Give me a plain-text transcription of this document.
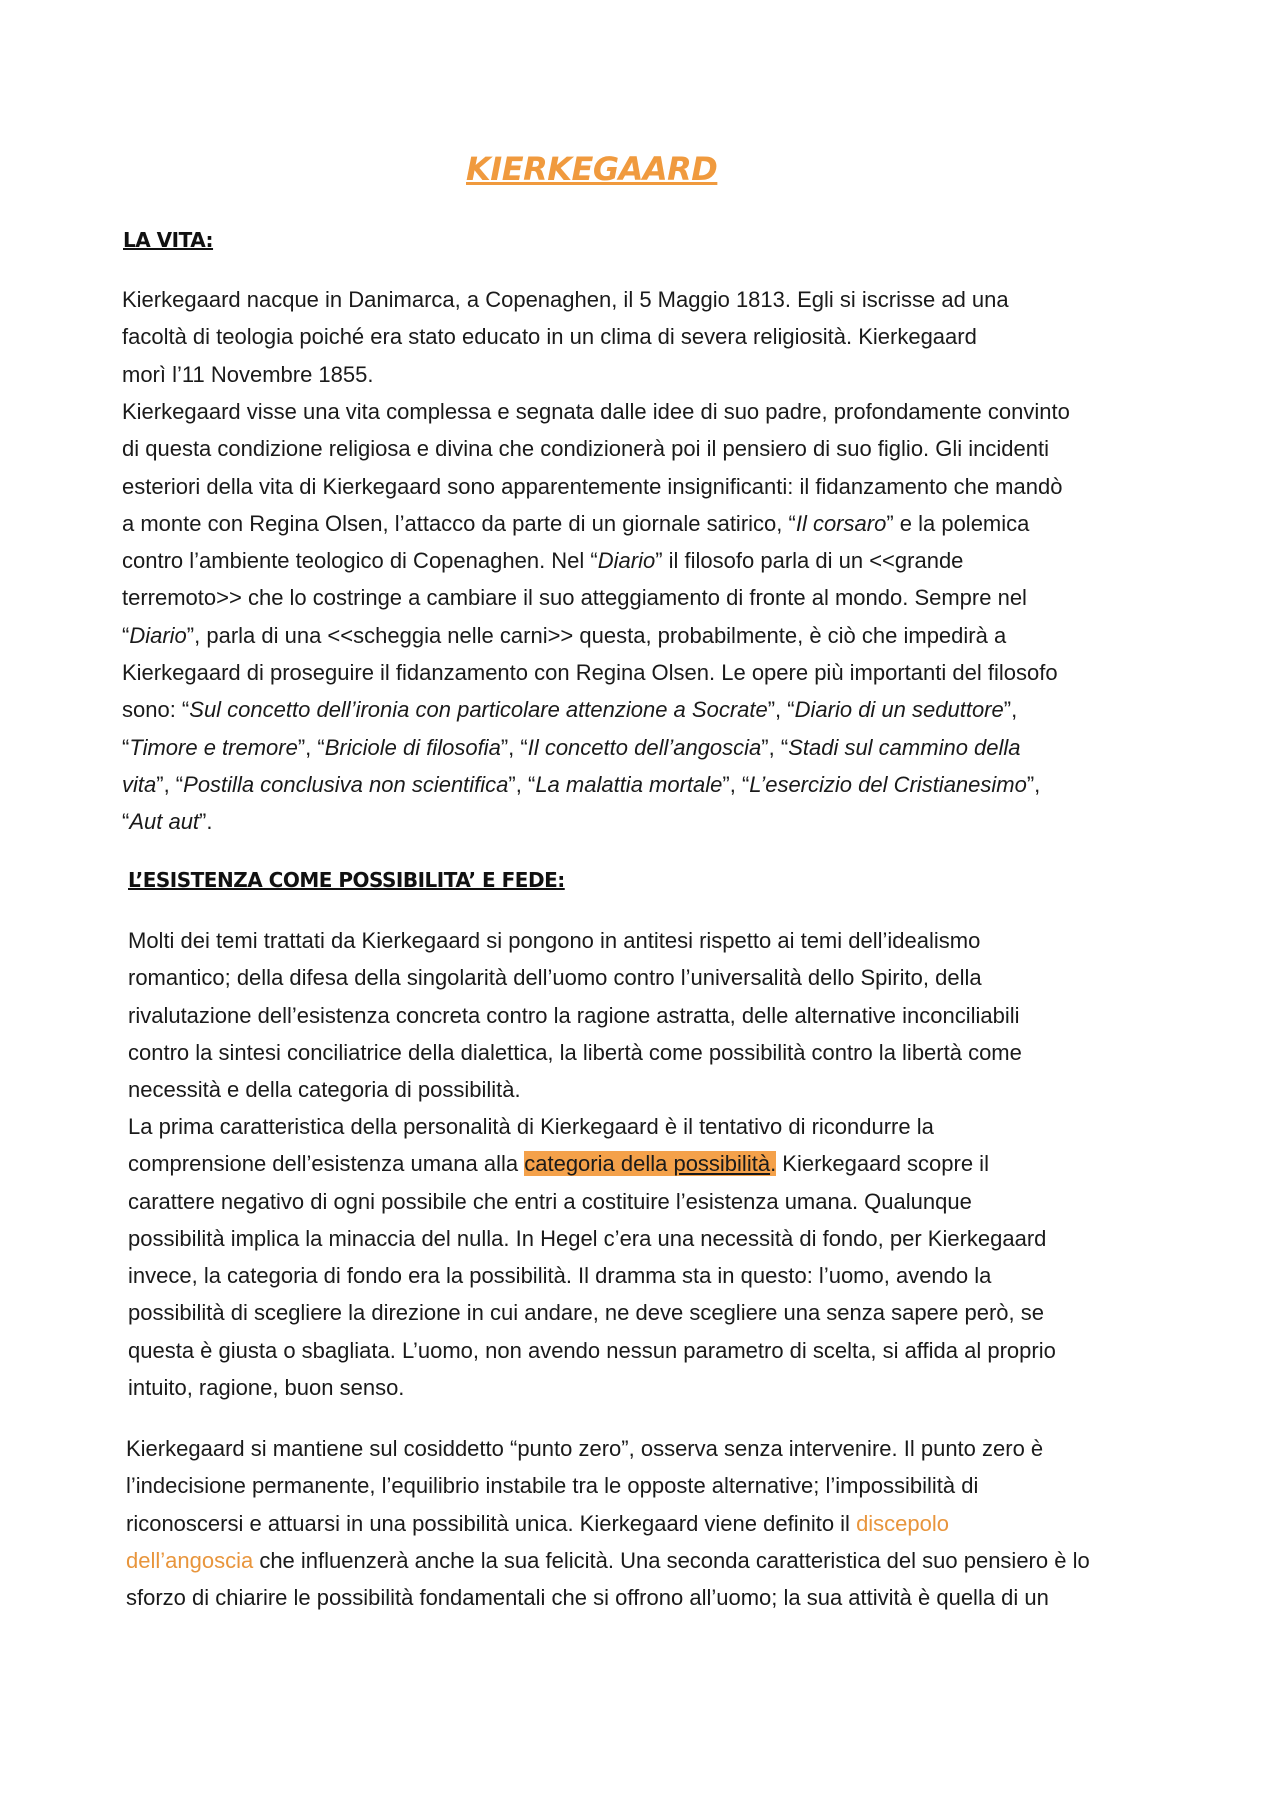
KIERKEGAARD
LA VITA:
Kierkegaard nacque in Danimarca, a Copenaghen, il 5 Maggio 1813. Egli si iscrisse ad una
facoltà di teologia poiché era stato educato in un clima di severa religiosità. Kierkegaard
morì l’11 Novembre 1855.
Kierkegaard visse una vita complessa e segnata dalle idee di suo padre, profondamente convinto
di questa condizione religiosa e divina che condizionerà poi il pensiero di suo figlio. Gli incidenti
esteriori della vita di Kierkegaard sono apparentemente insignificanti: il fidanzamento che mandò
a monte con Regina Olsen, l’attacco da parte di un giornale satirico, “Il corsaro” e la polemica
contro l’ambiente teologico di Copenaghen. Nel “Diario” il filosofo parla di un <<grande
terremoto>> che lo costringe a cambiare il suo atteggiamento di fronte al mondo. Sempre nel
“Diario”, parla di una <<scheggia nelle carni>> questa, probabilmente, è ciò che impedirà a
Kierkegaard di proseguire il fidanzamento con Regina Olsen. Le opere più importanti del filosofo
sono: “Sul concetto dell’ironia con particolare attenzione a Socrate”, “Diario di un seduttore”,
“Timore e tremore”, “Briciole di filosofia”, “Il concetto dell’angoscia”, “Stadi sul cammino della
vita”, “Postilla conclusiva non scientifica”, “La malattia mortale”, “L’esercizio del Cristianesimo”,
“Aut aut”.
L’ESISTENZA COME POSSIBILITA’ E FEDE:
Molti dei temi trattati da Kierkegaard si pongono in antitesi rispetto ai temi dell’idealismo
romantico; della difesa della singolarità dell’uomo contro l’universalità dello Spirito, della
rivalutazione dell’esistenza concreta contro la ragione astratta, delle alternative inconciliabili
contro la sintesi conciliatrice della dialettica, la libertà come possibilità contro la libertà come
necessità e della categoria di possibilità.
La prima caratteristica della personalità di Kierkegaard è il tentativo di ricondurre la
comprensione dell’esistenza umana alla categoria della possibilità. Kierkegaard scopre il
carattere negativo di ogni possibile che entri a costituire l’esistenza umana. Qualunque
possibilità implica la minaccia del nulla. In Hegel c’era una necessità di fondo, per Kierkegaard
invece, la categoria di fondo era la possibilità. Il dramma sta in questo: l’uomo, avendo la
possibilità di scegliere la direzione in cui andare, ne deve scegliere una senza sapere però, se
questa è giusta o sbagliata. L’uomo, non avendo nessun parametro di scelta, si affida al proprio
intuito, ragione, buon senso.
Kierkegaard si mantiene sul cosiddetto “punto zero”, osserva senza intervenire. Il punto zero è
l’indecisione permanente, l’equilibrio instabile tra le opposte alternative; l’impossibilità di
riconoscersi e attuarsi in una possibilità unica. Kierkegaard viene definito il discepolo
dell’angoscia che influenzerà anche la sua felicità. Una seconda caratteristica del suo pensiero è lo
sforzo di chiarire le possibilità fondamentali che si offrono all’uomo; la sua attività è quella di un
